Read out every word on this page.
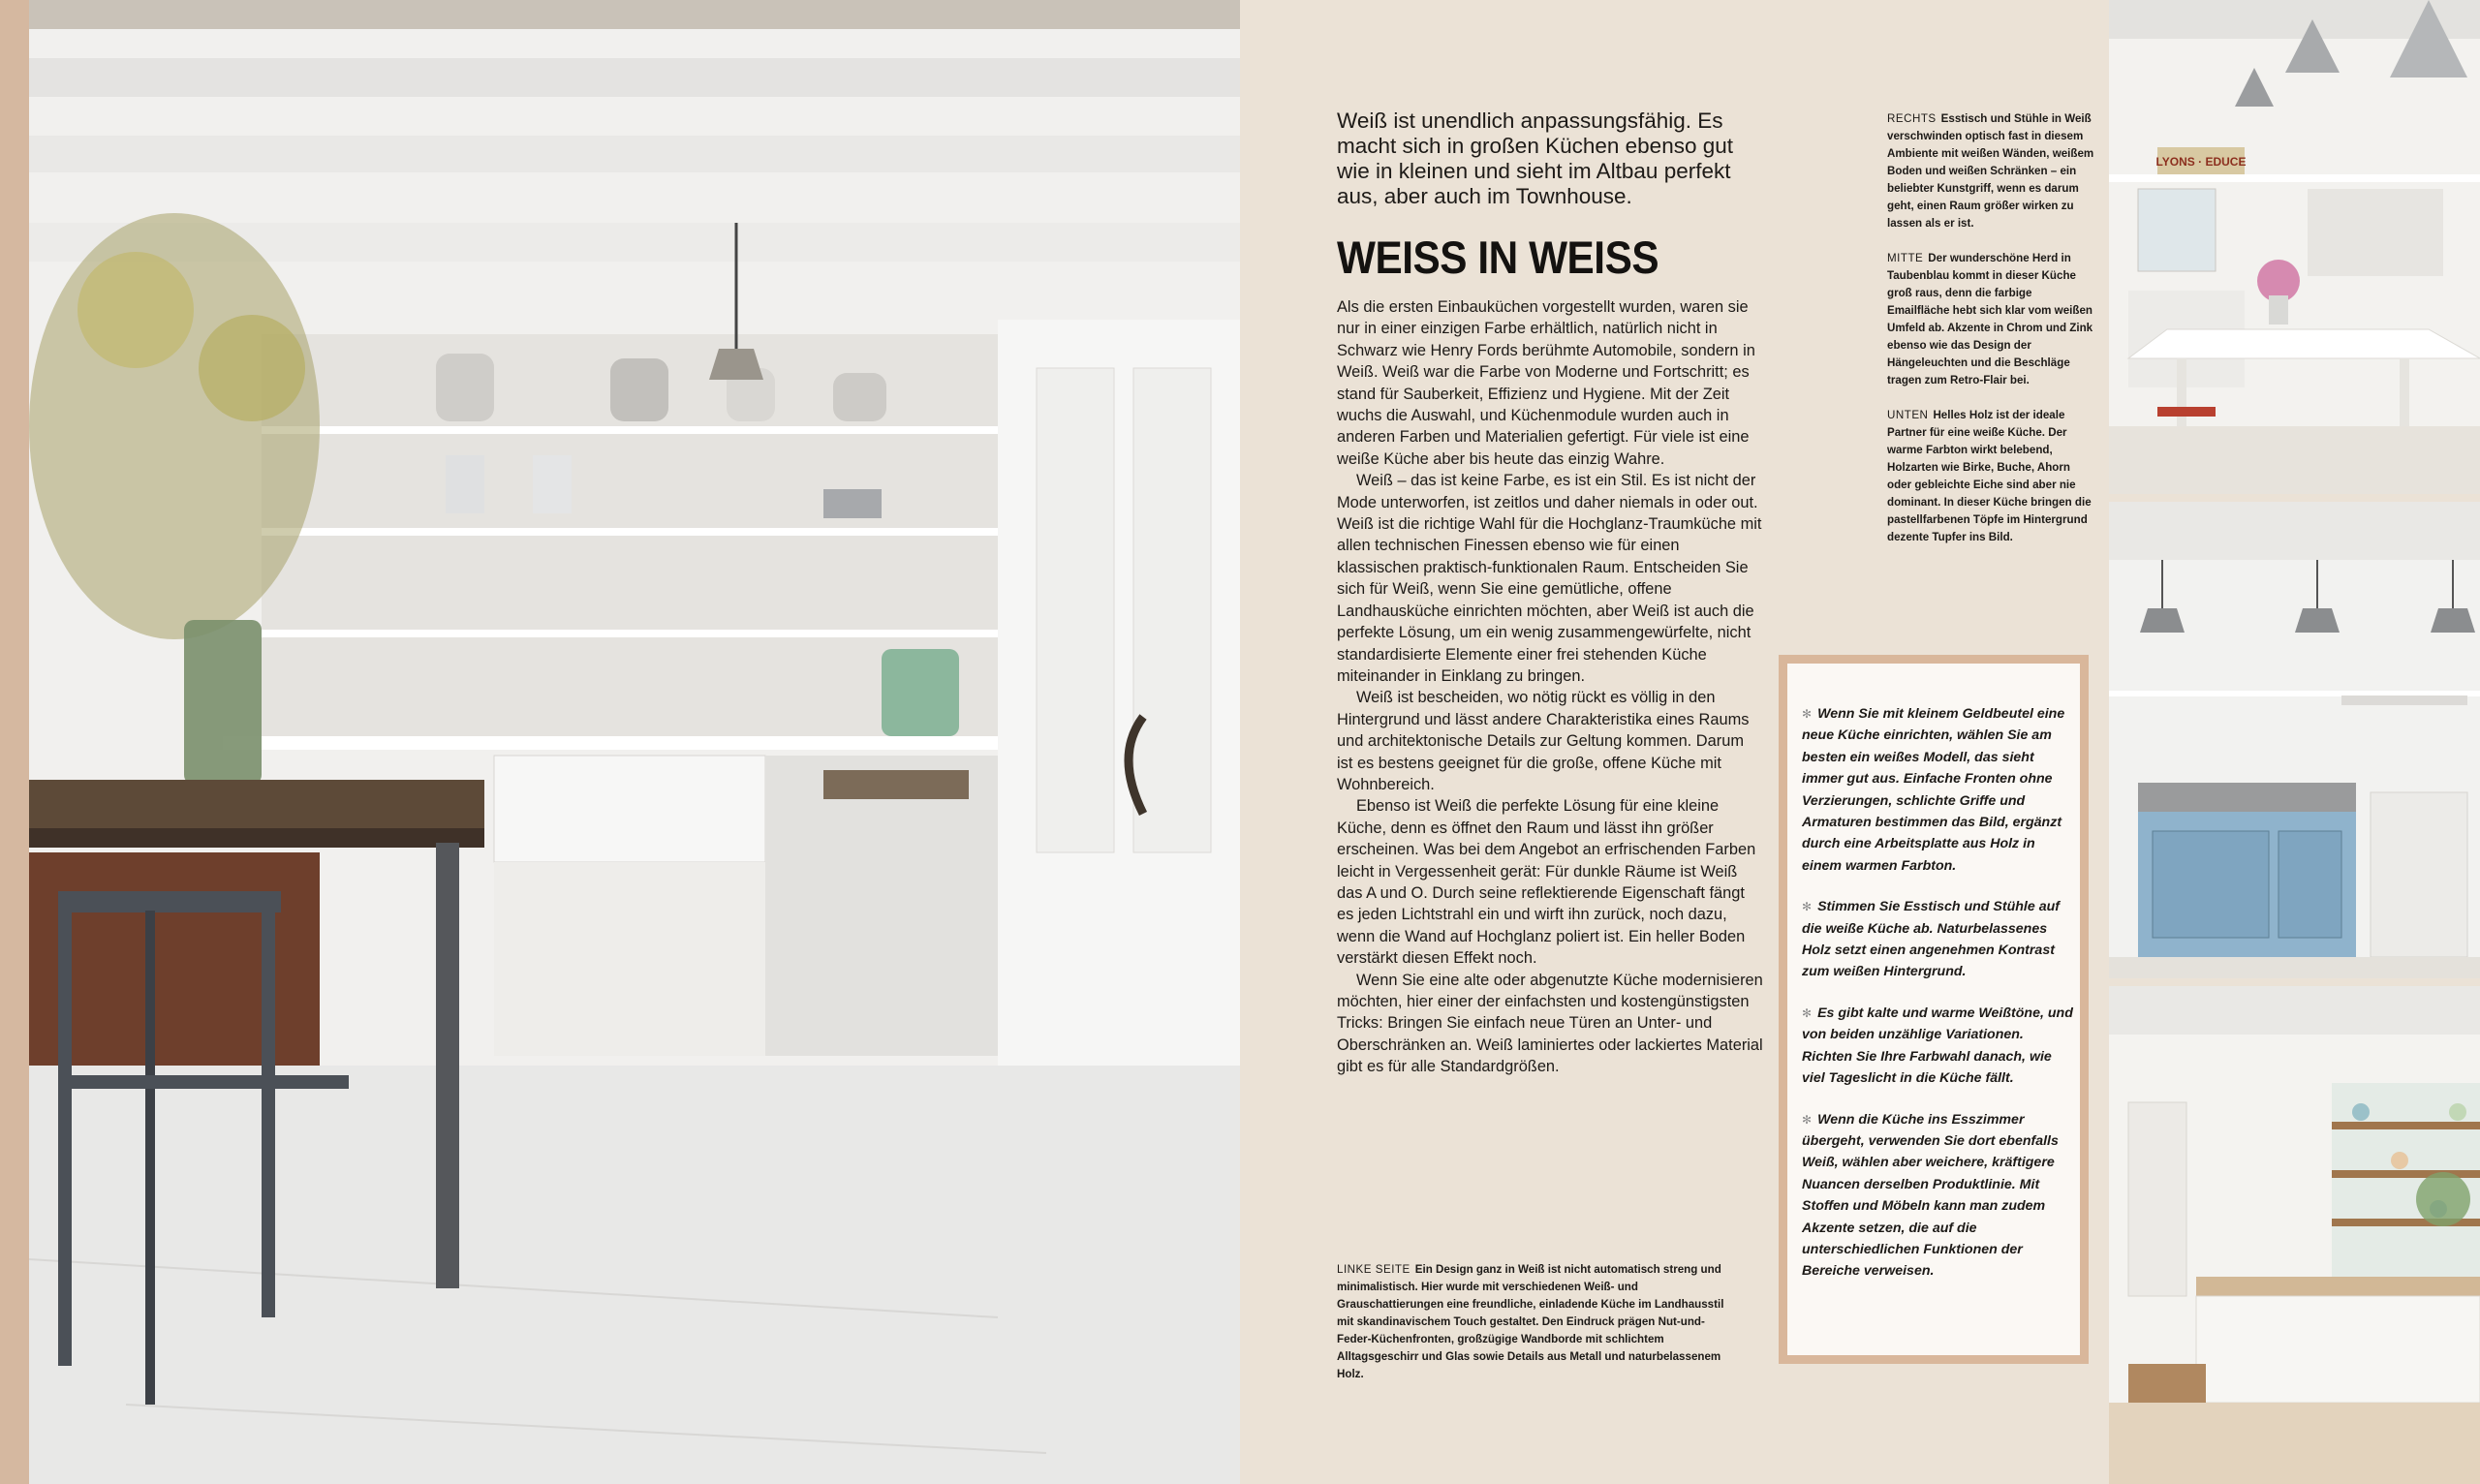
LYONS · EDUCE
Weiß ist unendlich anpassungsfähig. Es macht sich in großen Küchen ebenso gut wie in kleinen und sieht im Altbau perfekt aus, aber auch im Townhouse.
WEISS IN WEISS

Als die ersten Einbauküchen vorgestellt wurden, waren sie nur in einer einzigen Farbe erhältlich, natürlich nicht in Schwarz wie Henry Fords berühmte Automobile, sondern in Weiß. Weiß war die Farbe von Moderne und Fortschritt; es stand für Sauberkeit, Effizienz und Hygiene. Mit der Zeit wuchs die Auswahl, und Küchenmodule wurden auch in anderen Farben und Materialien gefertigt. Für viele ist eine weiße Küche aber bis heute das einzig Wahre.

Weiß – das ist keine Farbe, es ist ein Stil. Es ist nicht der Mode unterworfen, ist zeitlos und daher niemals in oder out. Weiß ist die richtige Wahl für die Hochglanz-Traumküche mit allen technischen Finessen ebenso wie für einen klassischen praktisch-funktionalen Raum. Entscheiden Sie sich für Weiß, wenn Sie eine gemütliche, offene Landhausküche einrichten möchten, aber Weiß ist auch die perfekte Lösung, um ein wenig zusammengewürfelte, nicht standardisierte Elemente einer frei stehenden Küche miteinander in Einklang zu bringen.

Weiß ist bescheiden, wo nötig rückt es völlig in den Hintergrund und lässt andere Charakteristika eines Raums und architektonische Details zur Geltung kommen. Darum ist es bestens geeignet für die große, offene Küche mit Wohnbereich.

Ebenso ist Weiß die perfekte Lösung für eine kleine Küche, denn es öffnet den Raum und lässt ihn größer erscheinen. Was bei dem Angebot an erfrischenden Farben leicht in Vergessenheit gerät: Für dunkle Räume ist Weiß das A und O. Durch seine reflektierende Eigenschaft fängt es jeden Lichtstrahl ein und wirft ihn zurück, noch dazu, wenn die Wand auf Hochglanz poliert ist. Ein heller Boden verstärkt diesen Effekt noch.

Wenn Sie eine alte oder abgenutzte Küche modernisieren möchten, hier einer der einfachsten und kostengünstigsten Tricks: Bringen Sie einfach neue Türen an Unter- und Oberschränken an. Weiß laminiertes oder lackiertes Material gibt es für alle Standardgrößen.

RECHTS Esstisch und Stühle in Weiß verschwinden optisch fast in diesem Ambiente mit weißen Wänden, weißem Boden und weißen Schränken – ein beliebter Kunstgriff, wenn es darum geht, einen Raum größer wirken zu lassen als er ist.
MITTE Der wunderschöne Herd in Taubenblau kommt in dieser Küche groß raus, denn die farbige Emailfläche hebt sich klar vom weißen Umfeld ab. Akzente in Chrom und Zink ebenso wie das Design der Hängeleuchten und die Beschläge tragen zum Retro-Flair bei.
UNTEN Helles Holz ist der ideale Partner für eine weiße Küche. Der warme Farbton wirkt belebend, Holzarten wie Birke, Buche, Ahorn oder gebleichte Eiche sind aber nie dominant. In dieser Küche bringen die pastellfarbenen Töpfe im Hintergrund dezente Tupfer ins Bild.
LINKE SEITE Ein Design ganz in Weiß ist nicht automatisch streng und minimalistisch. Hier wurde mit verschiedenen Weiß- und Grauschattierungen eine freundliche, einladende Küche im Landhausstil mit skandinavischem Touch gestaltet. Den Eindruck prägen Nut-und-Feder-Küchenfronten, großzügige Wandborde mit schlichtem Alltagsgeschirr und Glas sowie Details aus Metall und naturbelassenem Holz.
✻ Wenn Sie mit kleinem Geldbeutel eine neue Küche einrichten, wählen Sie am besten ein weißes Modell, das sieht immer gut aus. Einfache Fronten ohne Verzierungen, schlichte Griffe und Armaturen bestimmen das Bild, ergänzt durch eine Arbeitsplatte aus Holz in einem warmen Farbton.
✻ Stimmen Sie Esstisch und Stühle auf die weiße Küche ab. Naturbelassenes Holz setzt einen angenehmen Kontrast zum weißen Hintergrund.
✻ Es gibt kalte und warme Weißtöne, und von beiden unzählige Variationen. Richten Sie Ihre Farbwahl danach, wie viel Tageslicht in die Küche fällt.
✻ Wenn die Küche ins Esszimmer übergeht, verwenden Sie dort ebenfalls Weiß, wählen aber weichere, kräftigere Nuancen derselben Produktlinie. Mit Stoffen und Möbeln kann man zudem Akzente setzen, die auf die unterschiedlichen Funktionen der Bereiche verweisen.
